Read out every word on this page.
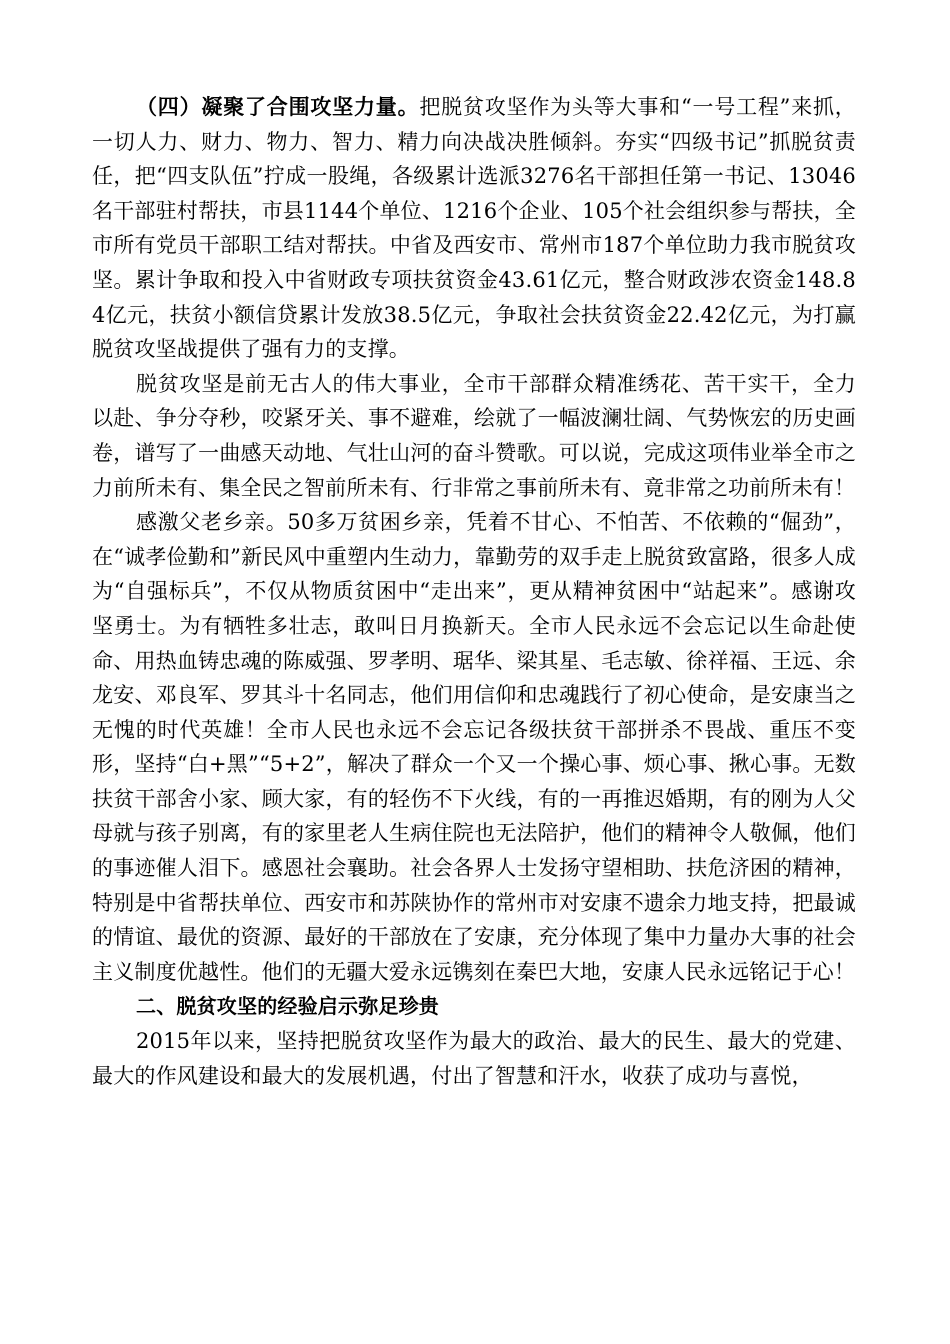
（四）凝聚了合围攻坚力量。把脱贫攻坚作为头等大事和“一号工程”来抓，一切人力、财力、物力、智力、精力向决战决胜倾斜。夯实“四级书记”抓脱贫责任，把“四支队伍”拧成一股绳，各级累计选派3276名干部担任第一书记、13046名干部驻村帮扶，市县1144个单位、1216个企业、105个社会组织参与帮扶，全市所有党员干部职工结对帮扶。中省及西安市、常州市187个单位助力我市脱贫攻坚。累计争取和投入中省财政专项扶贫资金43.61亿元，整合财政涉农资金148.84亿元，扶贫小额信贷累计发放38.5亿元，争取社会扶贫资金22.42亿元，为打赢脱贫攻坚战提供了强有力的支撑。

脱贫攻坚是前无古人的伟大事业，全市干部群众精准绣花、苦干实干，全力以赴、争分夺秒，咬紧牙关、事不避难，绘就了一幅波澜壮阔、气势恢宏的历史画卷，谱写了一曲感天动地、气壮山河的奋斗赞歌。可以说，完成这项伟业举全市之力前所未有、集全民之智前所未有、行非常之事前所未有、竟非常之功前所未有！

感激父老乡亲。50多万贫困乡亲，凭着不甘心、不怕苦、不依赖的“倔劲”，在“诚孝俭勤和”新民风中重塑内生动力，靠勤劳的双手走上脱贫致富路，很多人成为“自强标兵”，不仅从物质贫困中“走出来”，更从精神贫困中“站起来”。感谢攻坚勇士。为有牺牲多壮志，敢叫日月换新天。全市人民永远不会忘记以生命赴使命、用热血铸忠魂的陈威强、罗孝明、琚华、梁其星、毛志敏、徐祥福、王远、余龙安、邓良军、罗其斗十名同志，他们用信仰和忠魂践行了初心使命，是安康当之无愧的时代英雄！全市人民也永远不会忘记各级扶贫干部拼杀不畏战、重压不变形，坚持“白+黑”“5+2”，解决了群众一个又一个操心事、烦心事、揪心事。无数扶贫干部舍小家、顾大家，有的轻伤不下火线，有的一再推迟婚期，有的刚为人父母就与孩子别离，有的家里老人生病住院也无法陪护，他们的精神令人敬佩，他们的事迹催人泪下。感恩社会襄助。社会各界人士发扬守望相助、扶危济困的精神，特别是中省帮扶单位、西安市和苏陕协作的常州市对安康不遗余力地支持，把最诚的情谊、最优的资源、最好的干部放在了安康，充分体现了集中力量办大事的社会主义制度优越性。他们的无疆大爱永远镌刻在秦巴大地，安康人民永远铭记于心！

二、脱贫攻坚的经验启示弥足珍贵

2015年以来，坚持把脱贫攻坚作为最大的政治、最大的民生、最大的党建、最大的作风建设和最大的发展机遇，付出了智慧和汗水，收获了成功与喜悦，
